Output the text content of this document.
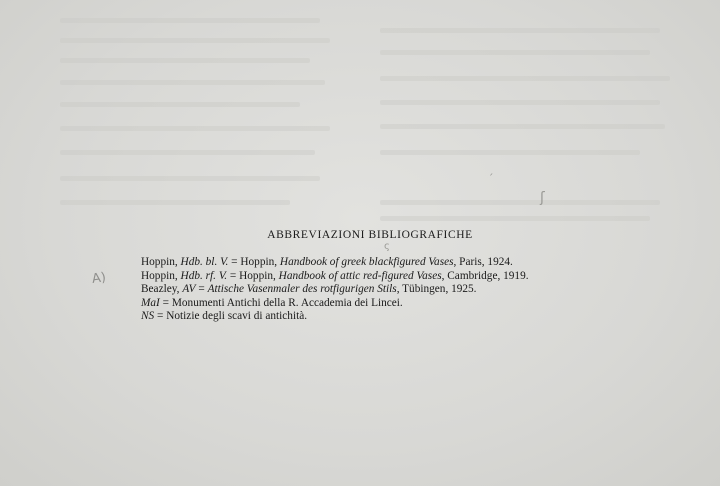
ˊ
ʃ
ς
ABBREVIAZIONI BIBLIOGRAFICHE
A)
Hoppin, Hdb. bl. V. = Hoppin, Handbook of greek blackfigured Vases, Paris, 1924.
Hoppin, Hdb. rf. V. = Hoppin, Handbook of attic red-figured Vases, Cambridge, 1919.
Beazley, AV = Attische Vasenmaler des rotfigurigen Stils, Tübingen, 1925.
MaI = Monumenti Antichi della R. Accademia dei Lincei.
NS = Notizie degli scavi di antichità.
